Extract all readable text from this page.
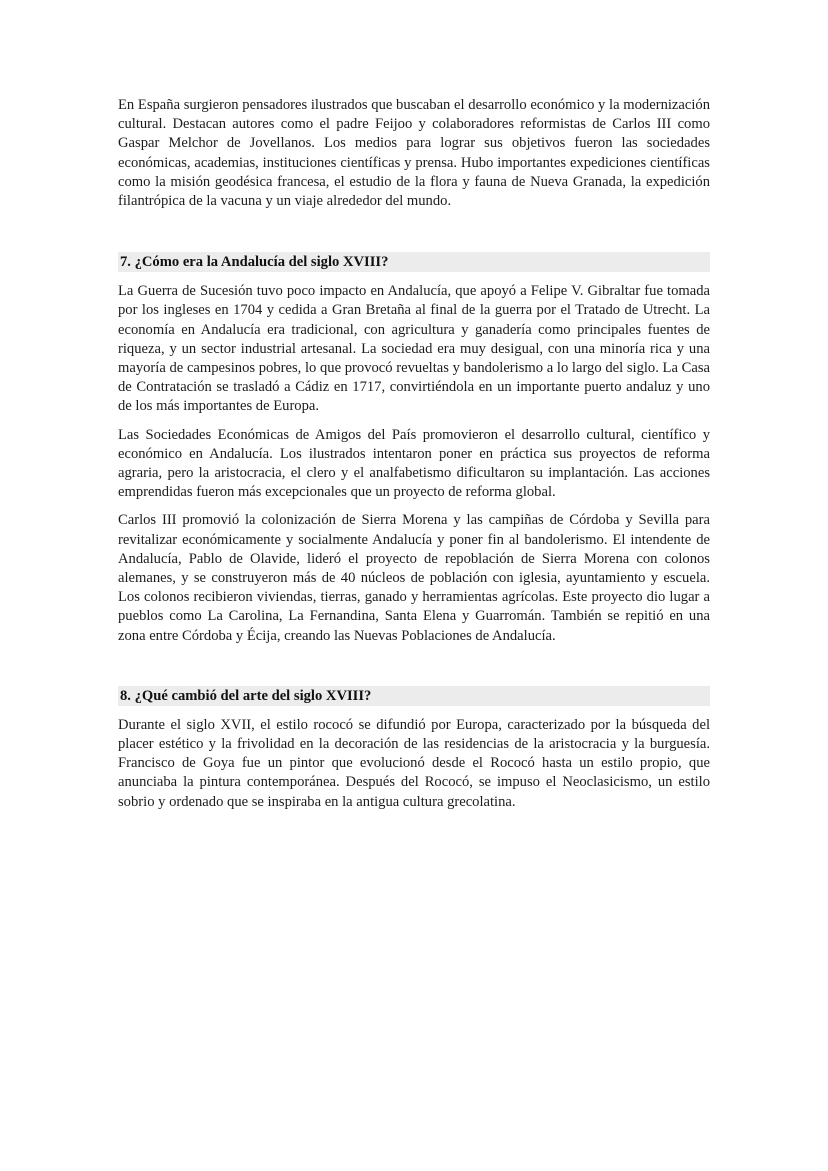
En España surgieron pensadores ilustrados que buscaban el desarrollo económico y la modernización cultural. Destacan autores como el padre Feijoo y colaboradores reformistas de Carlos III como Gaspar Melchor de Jovellanos. Los medios para lograr sus objetivos fueron las sociedades económicas, academias, instituciones científicas y prensa. Hubo importantes expediciones científicas como la misión geodésica francesa, el estudio de la flora y fauna de Nueva Granada, la expedición filantrópica de la vacuna y un viaje alrededor del mundo.

7. ¿Cómo era la Andalucía del siglo XVIII?

La Guerra de Sucesión tuvo poco impacto en Andalucía, que apoyó a Felipe V. Gibraltar fue tomada por los ingleses en 1704 y cedida a Gran Bretaña al final de la guerra por el Tratado de Utrecht. La economía en Andalucía era tradicional, con agricultura y ganadería como principales fuentes de riqueza, y un sector industrial artesanal. La sociedad era muy desigual, con una minoría rica y una mayoría de campesinos pobres, lo que provocó revueltas y bandolerismo a lo largo del siglo. La Casa de Contratación se trasladó a Cádiz en 1717, convirtiéndola en un importante puerto andaluz y uno de los más importantes de Europa.

Las Sociedades Económicas de Amigos del País promovieron el desarrollo cultural, científico y económico en Andalucía. Los ilustrados intentaron poner en práctica sus proyectos de reforma agraria, pero la aristocracia, el clero y el analfabetismo dificultaron su implantación. Las acciones emprendidas fueron más excepcionales que un proyecto de reforma global.

Carlos III promovió la colonización de Sierra Morena y las campiñas de Córdoba y Sevilla para revitalizar económicamente y socialmente Andalucía y poner fin al bandolerismo. El intendente de Andalucía, Pablo de Olavide, lideró el proyecto de repoblación de Sierra Morena con colonos alemanes, y se construyeron más de 40 núcleos de población con iglesia, ayuntamiento y escuela. Los colonos recibieron viviendas, tierras, ganado y herramientas agrícolas. Este proyecto dio lugar a pueblos como La Carolina, La Fernandina, Santa Elena y Guarromán. También se repitió en una zona entre Córdoba y Écija, creando las Nuevas Poblaciones de Andalucía.

8. ¿Qué cambió del arte del siglo XVIII?

Durante el siglo XVII, el estilo rococó se difundió por Europa, caracterizado por la búsqueda del placer estético y la frivolidad en la decoración de las residencias de la aristocracia y la burguesía. Francisco de Goya fue un pintor que evolucionó desde el Rococó hasta un estilo propio, que anunciaba la pintura contemporánea. Después del Rococó, se impuso el Neoclasicismo, un estilo sobrio y ordenado que se inspiraba en la antigua cultura grecolatina.
